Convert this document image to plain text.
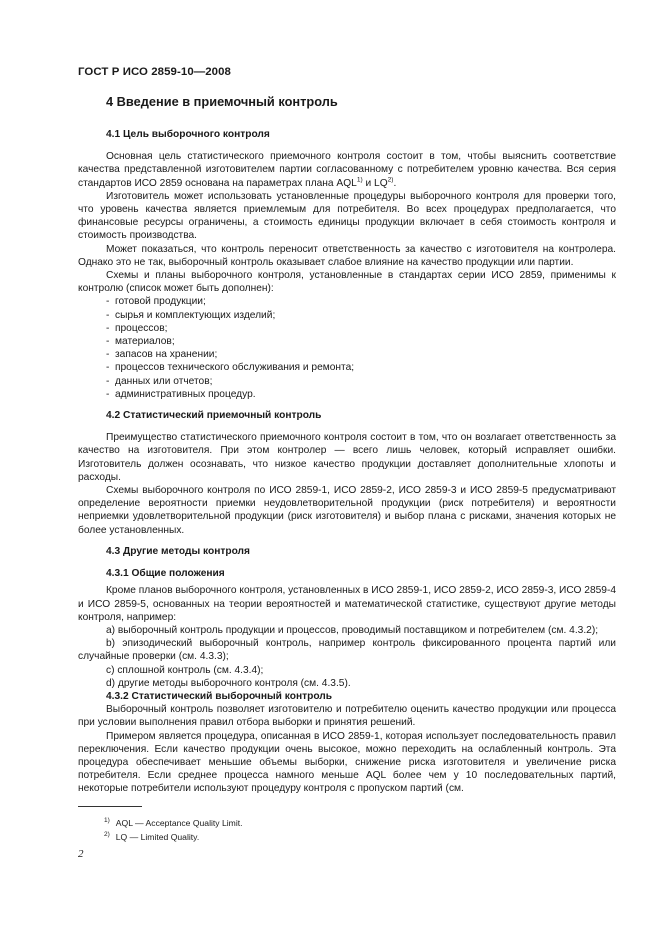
ГОСТ Р ИСО 2859-10—2008
4 Введение в приемочный контроль
4.1 Цель выборочного контроля

Основная цель статистического приемочного контроля состоит в том, чтобы выяснить соответствие качества представленной изготовителем партии согласованному с потребителем уровню качества. Вся серия стандартов ИСО 2859 основана на параметрах плана AQL$^{1)}$ и LQ$^{2)}$.

Изготовитель может использовать установленные процедуры выборочного контроля для проверки того, что уровень качества является приемлемым для потребителя. Во всех процедурах предполагается, что финансовые ресурсы ограничены, а стоимость единицы продукции включает в себя стоимость контроля и стоимость производства.

Может показаться, что контроль переносит ответственность за качество с изготовителя на контролера. Однако это не так, выборочный контроль оказывает слабое влияние на качество продукции или партии.

Схемы и планы выборочного контроля, установленные в стандартах серии ИСО 2859, применимы к контролю (список может быть дополнен):

- готовой продукции;
- сырья и комплектующих изделий;
- процессов;
- материалов;
- запасов на хранении;
- процессов технического обслуживания и ремонта;
- данных или отчетов;
- административных процедур.
4.2 Статистический приемочный контроль

Преимущество статистического приемочного контроля состоит в том, что он возлагает ответственность за качество на изготовителя. При этом контролер — всего лишь человек, который исправляет ошибки. Изготовитель должен осознавать, что низкое качество продукции доставляет дополнительные хлопоты и расходы.

Схемы выборочного контроля по ИСО 2859-1, ИСО 2859-2, ИСО 2859-3 и ИСО 2859-5 предусматривают определение вероятности приемки неудовлетворительной продукции (риск потребителя) и вероятности неприемки удовлетворительной продукции (риск изготовителя) и выбор плана с рисками, значения которых не более установленных.

4.3 Другие методы контроля
4.3.1 Общие положения

Кроме планов выборочного контроля, установленных в ИСО 2859-1, ИСО 2859-2, ИСО 2859-3, ИСО 2859-4 и ИСО 2859-5, основанных на теории вероятностей и математической статистике, существуют другие методы контроля, например:

a) выборочный контроль продукции и процессов, проводимый поставщиком и потребителем (см. 4.3.2);

b) эпизодический выборочный контроль, например контроль фиксированного процента партий или случайные проверки (см. 4.3.3);

c) сплошной контроль (см. 4.3.4);

d) другие методы выборочного контроля (см. 4.3.5).

4.3.2 Статистический выборочный контроль

Выборочный контроль позволяет изготовителю и потребителю оценить качество продукции или процесса при условии выполнения правил отбора выборки и принятия решений.

Примером является процедура, описанная в ИСО 2859-1, которая использует последовательность правил переключения. Если качество продукции очень высокое, можно переходить на ослабленный контроль. Эта процедура обеспечивает меньшие объемы выборки, снижение риска изготовителя и увеличение риска потребителя. Если среднее процесса намного меньше AQL более чем у 10 последовательных партий, некоторые потребители используют процедуру контроля с пропуском партий (см.

$^{1)}$ AQL — Acceptance Quality Limit.
$^{2)}$ LQ — Limited Quality.
2
